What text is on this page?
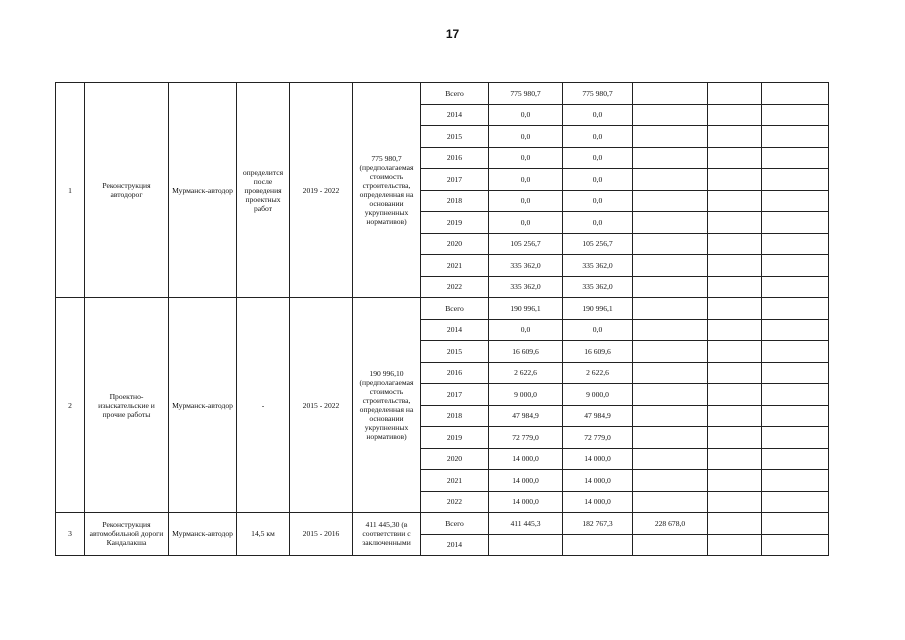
17
1	Реконструкция автодорог	Мурманск-автодор	определится после проведения проектных работ	2019 - 2022	775 980,7 (предполагаемая стоимость строительства, определенная на основании укрупненных нормативов)	Всего	775 980,7	775 980,7				
						2014	0,0	0,0				
						2015	0,0	0,0				
						2016	0,0	0,0				
						2017	0,0	0,0				
						2018	0,0	0,0				
						2019	0,0	0,0				
						2020	105 256,7	105 256,7				
						2021	335 362,0	335 362,0				
						2022	335 362,0	335 362,0				
2	Проектно-изыскательские и прочие работы	Мурманск-автодор	-	2015 - 2022	190 996,10 (предполагаемая стоимость строительства, определенная на основании укрупненных нормативов)	Всего	190 996,1	190 996,1				
						2014	0,0	0,0				
						2015	16 609,6	16 609,6				
						2016	2 622,6	2 622,6				
						2017	9 000,0	9 000,0				
						2018	47 984,9	47 984,9				
						2019	72 779,0	72 779,0				
						2020	14 000,0	14 000,0				
						2021	14 000,0	14 000,0				
						2022	14 000,0	14 000,0				
3	Реконструкция автомобильной дороги Кандалакша	Мурманск-автодор	14,5 км	2015 - 2016	411 445,30 (в соответствии с заключенными	Всего	411 445,3	182 767,3	228 678,0			
						2014						
